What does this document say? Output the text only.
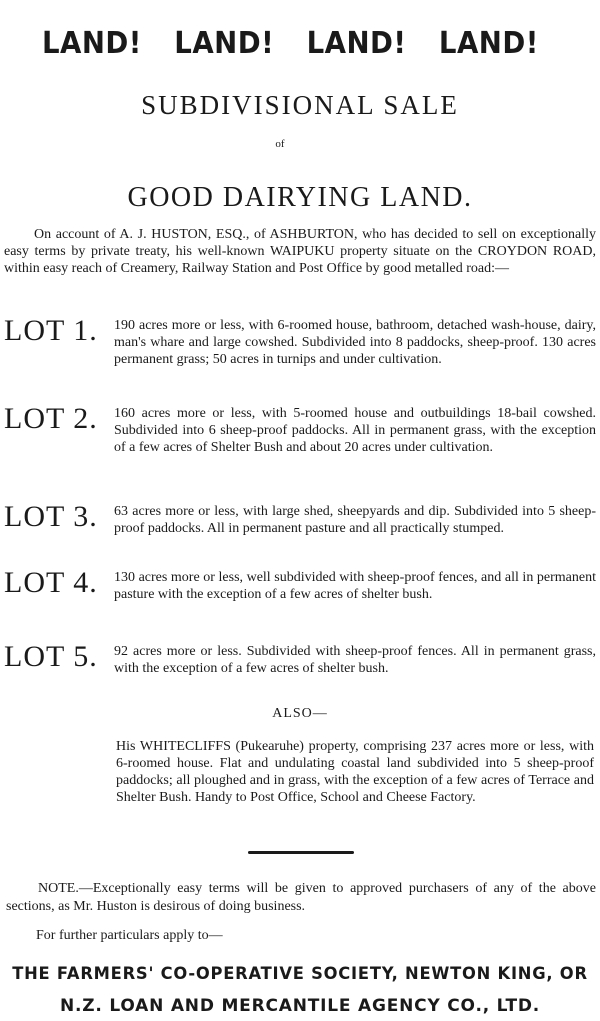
LAND! LAND! LAND! LAND!
SUBDIVISIONAL SALE
of
GOOD DAIRYING LAND.
On account of A. J. HUSTON, ESQ., of ASHBURTON, who has decided to sell on exceptionally easy terms by private treaty, his well-known WAIPUKU property situate on the CROYDON ROAD, within easy reach of Creamery, Railway Station and Post Office by good metalled road:—
LOT 1.	190 acres more or less, with 6-roomed house, bathroom, detached wash-house, dairy, man's whare and large cowshed. Subdivided into 8 paddocks, sheep-proof. 130 acres permanent grass; 50 acres in turnips and under cultivation.
LOT 2.	160 acres more or less, with 5-roomed house and outbuildings 18-bail cowshed. Subdivided into 6 sheep-proof paddocks. All in permanent grass, with the exception of a few acres of Shelter Bush and about 20 acres under cultivation.
LOT 3.	63 acres more or less, with large shed, sheepyards and dip. Subdivided into 5 sheep-proof paddocks. All in permanent pasture and all practically stumped.
LOT 4.	130 acres more or less, well subdivided with sheep-proof fences, and all in permanent pasture with the exception of a few acres of shelter bush.
LOT 5.	92 acres more or less. Subdivided with sheep-proof fences. All in permanent grass, with the exception of a few acres of shelter bush.
ALSO—
His WHITECLIFFS (Pukearuhe) property, comprising 237 acres more or less, with 6-roomed house. Flat and undulating coastal land subdivided into 5 sheep-proof paddocks; all ploughed and in grass, with the exception of a few acres of Terrace and Shelter Bush. Handy to Post Office, School and Cheese Factory.
NOTE.—Exceptionally easy terms will be given to approved purchasers of any of the above sections, as Mr. Huston is desirous of doing business.
For further particulars apply to—
THE FARMERS' CO-OPERATIVE SOCIETY, NEWTON KING, OR
N.Z. LOAN AND MERCANTILE AGENCY CO., LTD.
